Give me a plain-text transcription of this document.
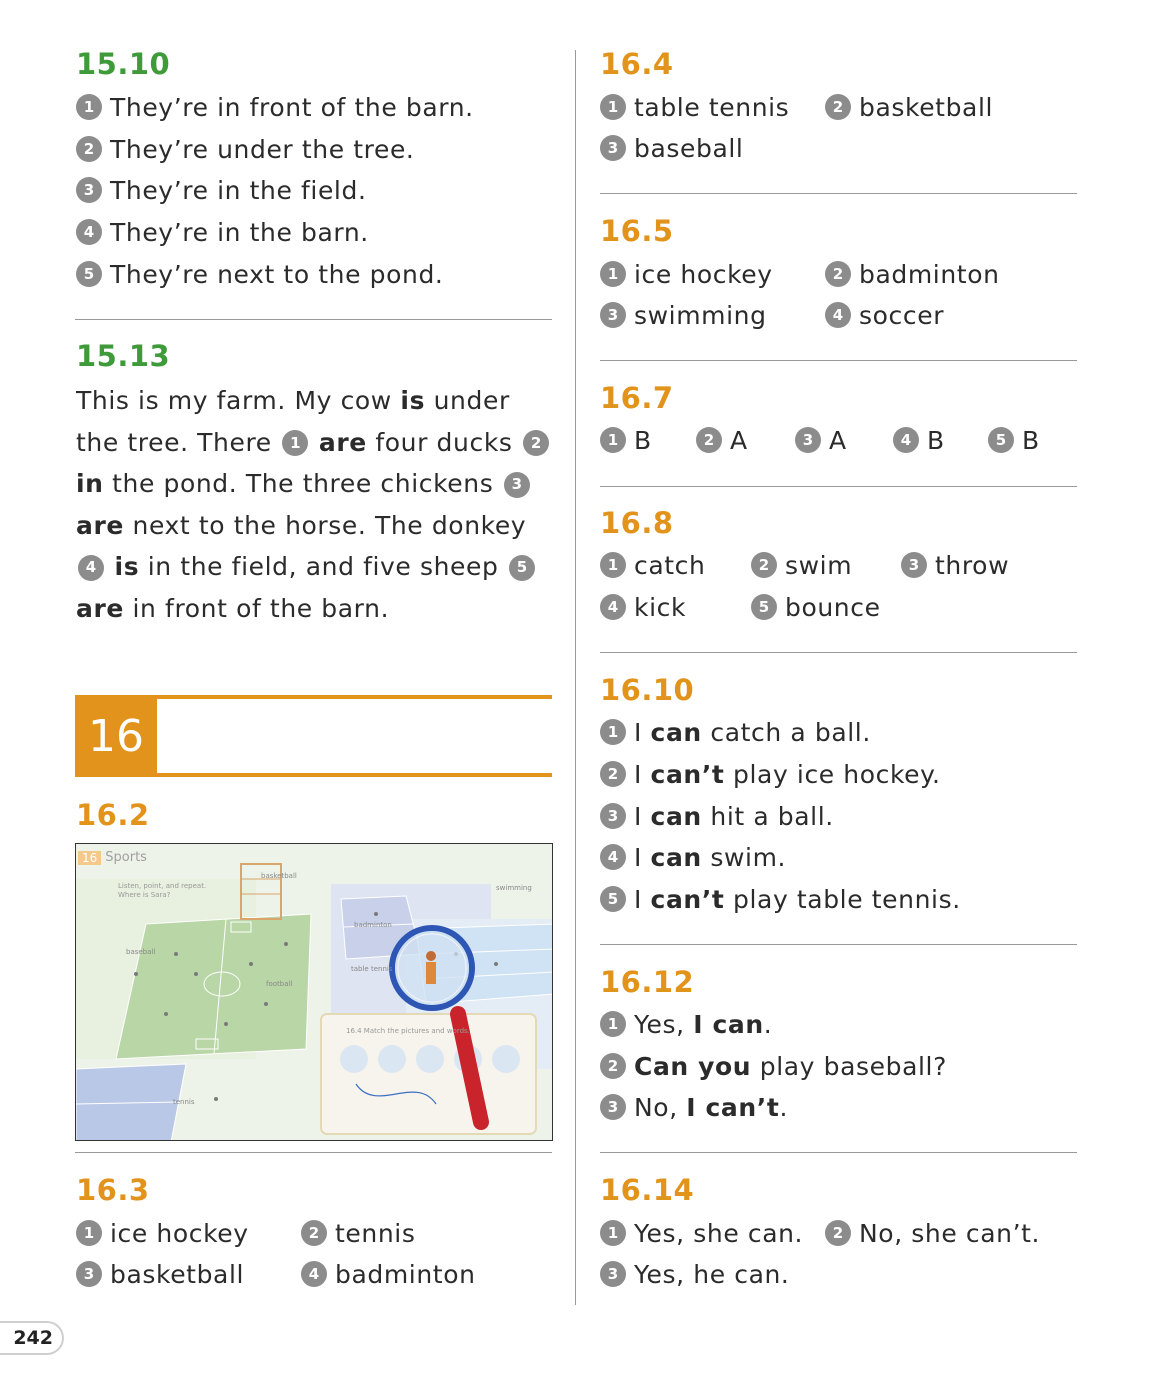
15.10
1 They’re in front of the barn.
2 They’re under the tree.
3 They’re in the field.
4 They’re in the barn.
5 They’re next to the pond.
15.13
This is my farm. My cow is under the tree. There 1 are four ducks 2 in the pond. The three chickens 3 are next to the horse. The donkey 4 is in the field, and five sheep 5 are in front of the barn.
16
16.2
16 Sports
Listen, point, and repeat. Where is Sara?
basketball
swimming
badminton
baseball
football
table tennis
tennis
16.4 Match the pictures and words.
16.3
1 ice hockey	2 tennis
3 basketball	4 badminton
16.4
1 table tennis	2 basketball
3 baseball
16.5
1 ice hockey	2 badminton
3 swimming	4 soccer
16.7
1 B	2 A	3 A	4 B	5 B
16.8
1 catch	2 swim	3 throw
4 kick	5 bounce
16.10
1 I can catch a ball.
2 I can’t play ice hockey.
3 I can hit a ball.
4 I can swim.
5 I can’t play table tennis.
16.12
1 Yes, I can .
2 Can you play baseball?
3 No, I can’t .
16.14
1 Yes, she can.	2 No, she can’t.
3 Yes, he can.
242
